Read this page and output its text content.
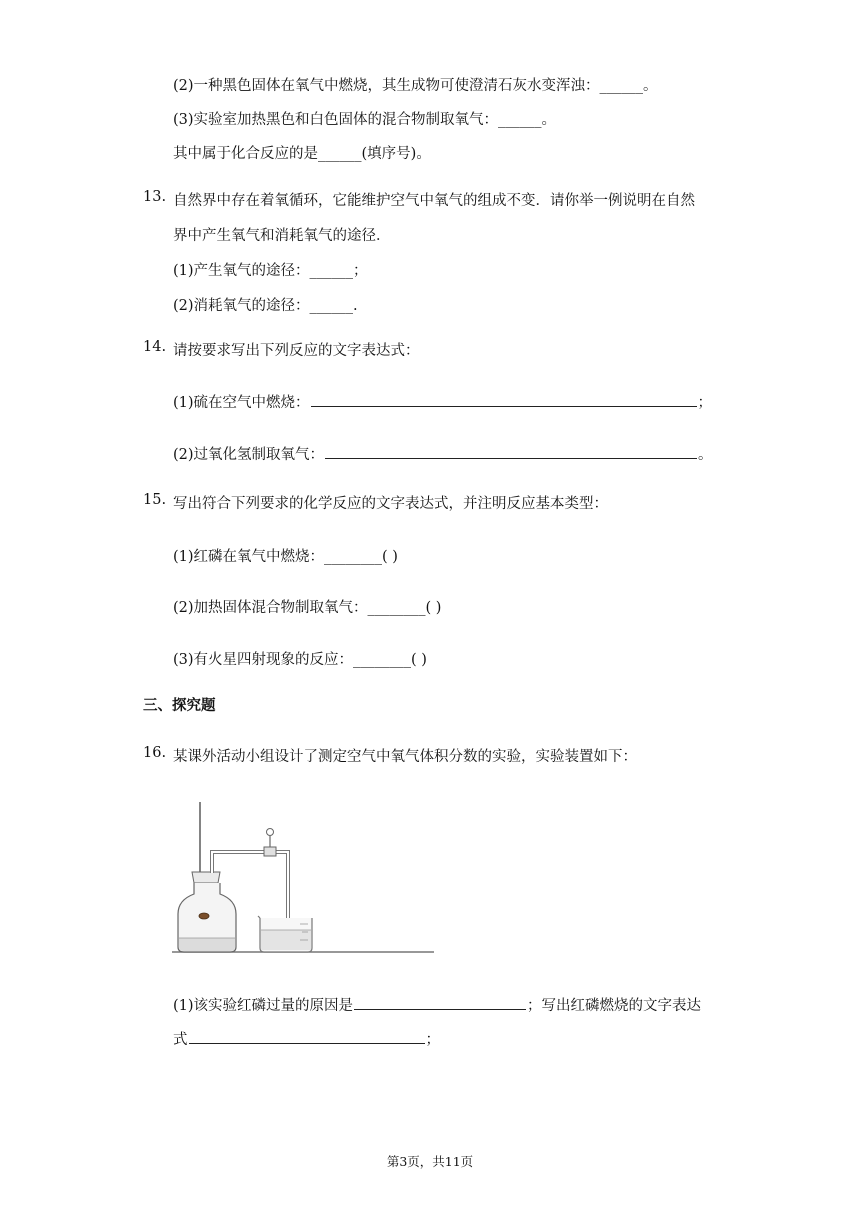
(2)一种黑色固体在氧气中燃烧，其生成物可使澄清石灰水变浑浊：______。
(3)实验室加热黑色和白色固体的混合物制取氧气：______。
其中属于化合反应的是______(填序号)。
13. 自然界中存在着氧循环，它能维护空气中氧气的组成不变．请你举一例说明在自然
界中产生氧气和消耗氧气的途径．
(1)产生氧气的途径：______；
(2)消耗氧气的途径：______.
14. 请按要求写出下列反应的文字表达式：
(1)硫在空气中燃烧：	；
(2)过氧化氢制取氧气：	。
15. 写出符合下列要求的化学反应的文字表达式，并注明反应基本类型：
(1)红磷在氧气中燃烧：________( )
(2)加热固体混合物制取氧气：________( )
(3)有火星四射现象的反应：________( )
三、探究题
16. 某课外活动小组设计了测定空气中氧气体积分数的实验，实验装置如下：
(1)该实验红磷过量的原因是	；写出红磷燃烧的文字表达
式	；
第3页，共11页
